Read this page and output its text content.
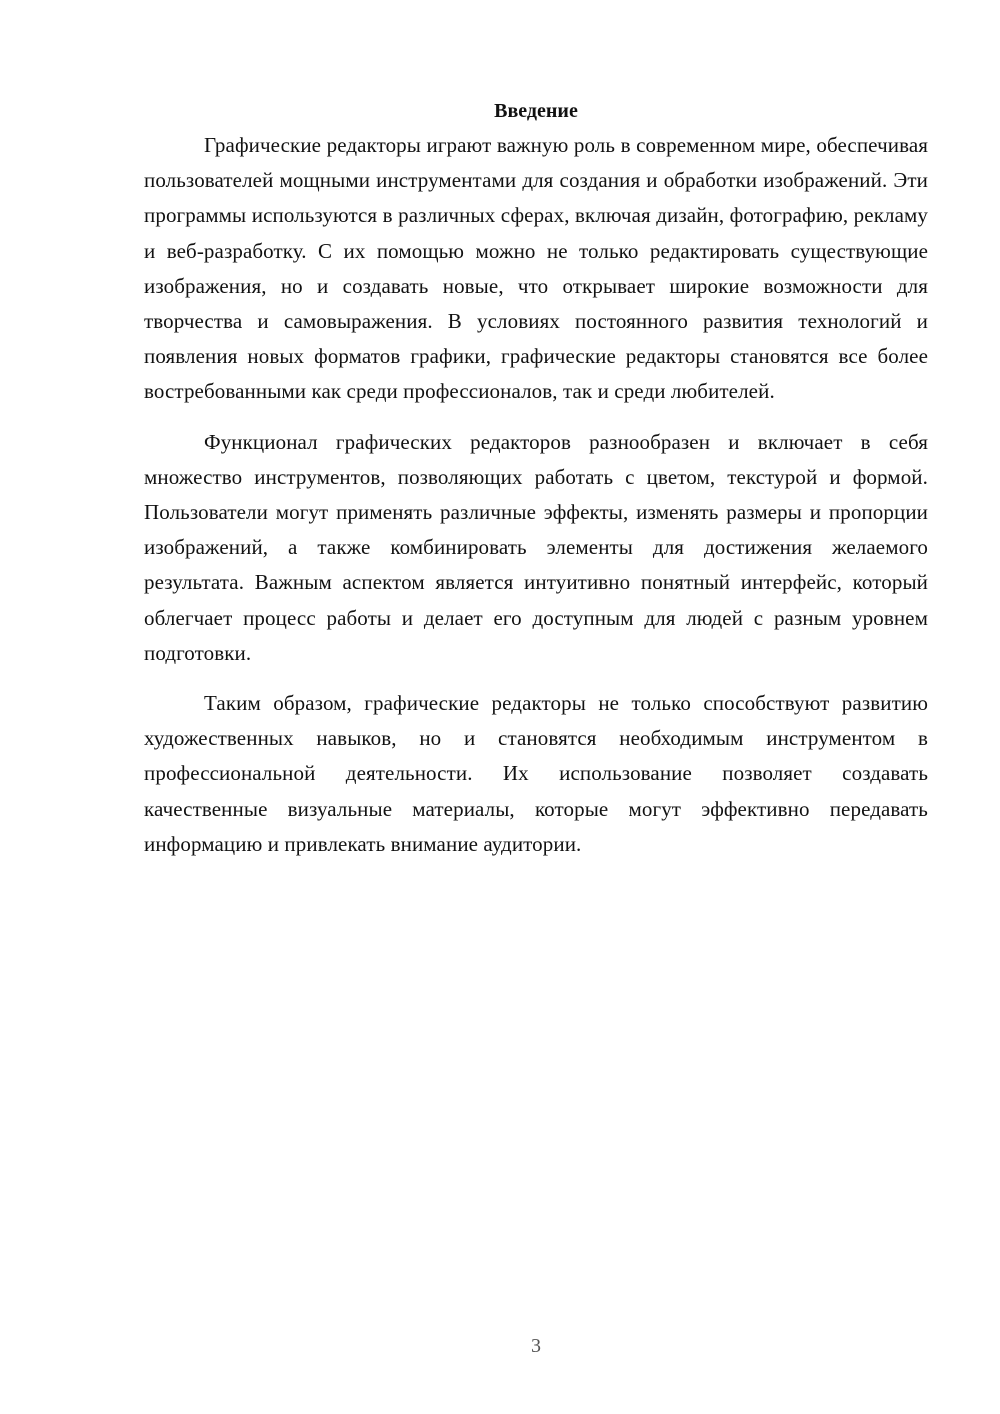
Введение

Графические редакторы играют важную роль в современном мире, обеспечивая пользователей мощными инструментами для создания и обработки изображений. Эти программы используются в различных сферах, включая дизайн, фотографию, рекламу и веб-разработку. С их помощью можно не только редактировать существующие изображения, но и создавать новые, что открывает широкие возможности для творчества и самовыражения. В условиях постоянного развития технологий и появления новых форматов графики, графические редакторы становятся все более востребованными как среди профессионалов, так и среди любителей.

Функционал графических редакторов разнообразен и включает в себя множество инструментов, позволяющих работать с цветом, текстурой и формой. Пользователи могут применять различные эффекты, изменять размеры и пропорции изображений, а также комбинировать элементы для достижения желаемого результата. Важным аспектом является интуитивно понятный интерфейс, который облегчает процесс работы и делает его доступным для людей с разным уровнем подготовки.

Таким образом, графические редакторы не только способствуют развитию художественных навыков, но и становятся необходимым инструментом в профессиональной деятельности. Их использование позволяет создавать качественные визуальные материалы, которые могут эффективно передавать информацию и привлекать внимание аудитории.

3
